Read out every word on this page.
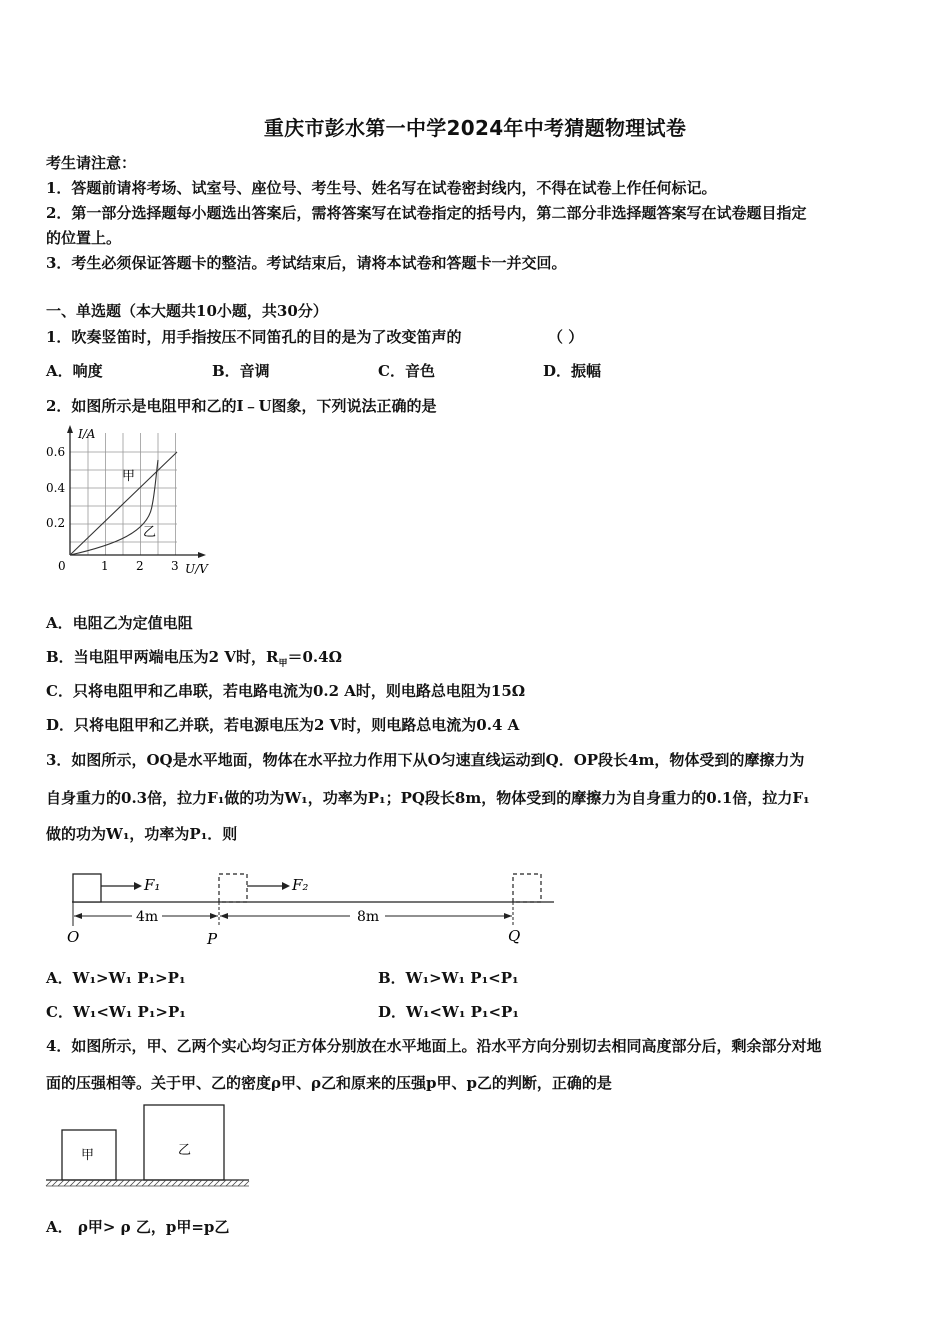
重庆市彭水第一中学2024年中考猜题物理试卷
考生请注意：
1．答题前请将考场、试室号、座位号、考生号、姓名写在试卷密封线内，不得在试卷上作任何标记。
2．第一部分选择题每小题选出答案后，需将答案写在试卷指定的括号内，第二部分非选择题答案写在试卷题目指定
的位置上。
3．考生必须保证答题卡的整洁。考试结束后，请将本试卷和答题卡一并交回。
一、单选题（本大题共10小题，共30分）
1．吹奏竖笛时，用手指按压不同笛孔的目的是为了改变笛声的	（ ）
A．响度	B．音调	C．音色	D．振幅
2．如图所示是电阻甲和乙的I﹣U图象，下列说法正确的是
I/A
0.6
0.4
0.2
0	1 2 3 U/V
甲
乙
A．电阻乙为定值电阻
B．当电阻甲两端电压为2 V时，$R_甲=0.4\Omega$
C．只将电阻甲和乙串联，若电路电流为0.2 A时，则电路总电阻为15Ω
D．只将电阻甲和乙并联，若电源电压为2 V时，则电路总电流为0.4 A
3．如图所示，OQ是水平地面，物体在水平拉力作用下从O匀速直线运动到Q．OP段长4m，物体受到的摩擦力为
自身重力的0.3倍，拉力F₁做的功为W₁，功率为P₁；PQ段长8m，物体受到的摩擦力为自身重力的0.1倍，拉力F₁
做的功为W₁，功率为P₁．则
F₁	F₂
4m	8m
O	P	Q
A．W₁>W₁ P₁>P₁	B．W₁>W₁ P₁<P₁
C．W₁<W₁ P₁>P₁	D．W₁<W₁ P₁<P₁
4．如图所示，甲、乙两个实心均匀正方体分别放在水平地面上。沿水平方向分别切去相同高度部分后，剩余部分对地
面的压强相等。关于甲、乙的密度ρ甲、ρ乙和原来的压强p甲、p乙的判断，正确的是
甲	乙
A． ρ甲> ρ 乙，p甲=p乙
